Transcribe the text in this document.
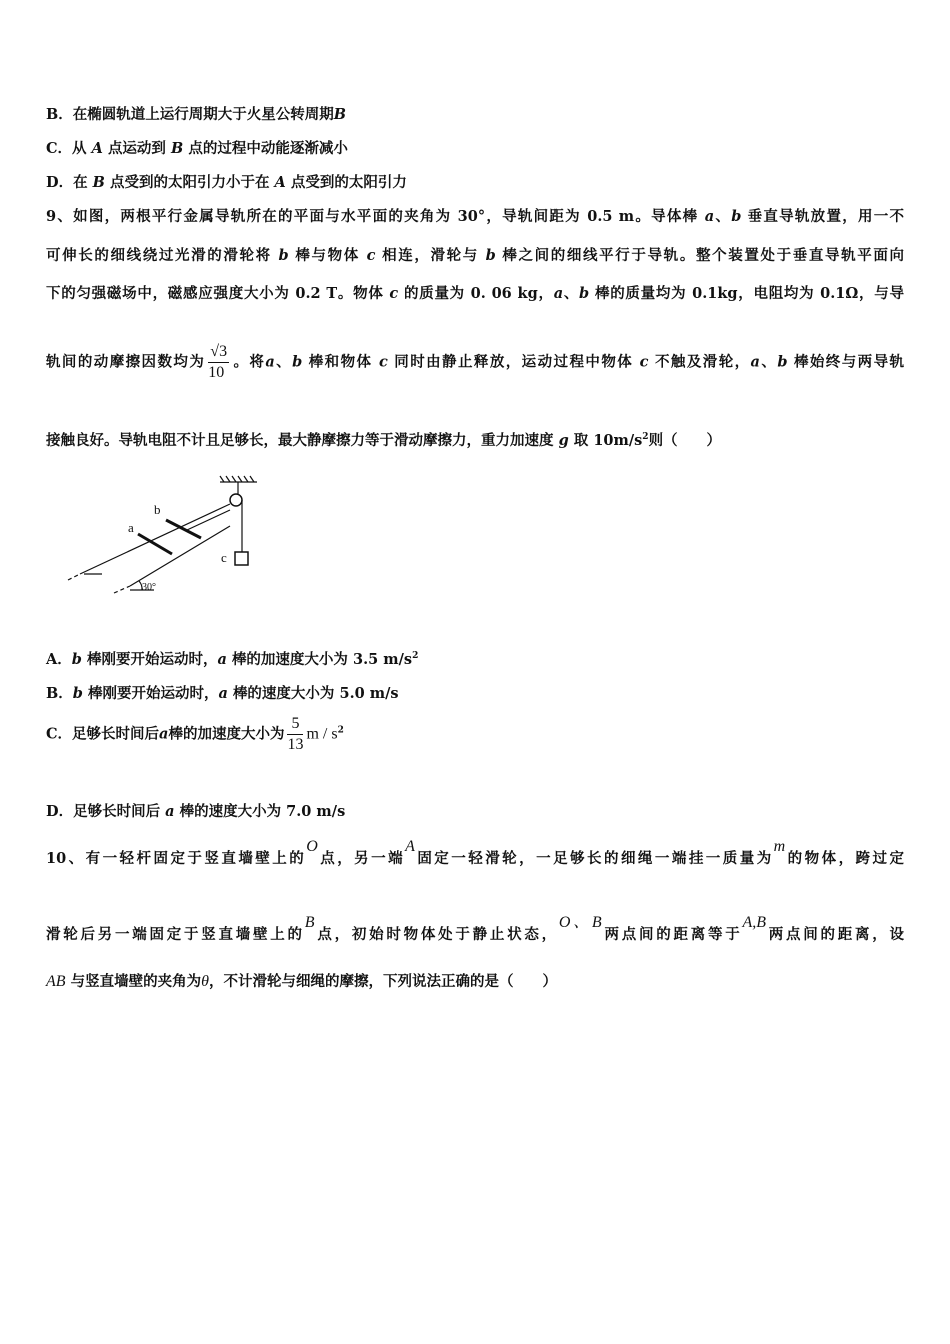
B．在椭圆轨道上运行周期大于火星公转周期B
C．从 A 点运动到 B 点的过程中动能逐渐减小
D．在 B 点受到的太阳引力小于在 A 点受到的太阳引力
9、如图，两根平行金属导轨所在的平面与水平面的夹角为 30°，导轨间距为 0.5 m。导体棒 a、b 垂直导轨放置，用一不
可伸长的细线绕过光滑的滑轮将 b 棒与物体 c 相连，滑轮与 b 棒之间的细线平行于导轨。整个装置处于垂直导轨平面向
下的匀强磁场中，磁感应强度大小为 0.2 T。物体 c 的质量为 0. 06 kg，a、b 棒的质量均为 0.1kg，电阻均为 0.1Ω，与导
轨间的动摩擦因数均为 $\frac{√3}{10}$ 。将a、b 棒和物体 c 同时由静止释放，运动过程中物体 c 不触及滑轮，a、b 棒始终与两导轨
接触良好。导轨电阻不计且足够长，最大静摩擦力等于滑动摩擦力，重力加速度 g 取 $10m/s^2$则（　　）
a
b
c
30°
A．b 棒刚要开始运动时，a 棒的加速度大小为 3.5 $m/s^2$
B．b 棒刚要开始运动时，a 棒的速度大小为 5.0 m/s
C．足够长时间后a棒的加速度大小为 $\frac{5}{13}$ m / $s^2$
D．足够长时间后 a 棒的速度大小为 7.0 m/s
10、有一轻杆固定于竖直墙壁上的O点，另一端A固定一轻滑轮，一足够长的细绳一端挂一质量为m的物体，跨过定
滑轮后另一端固定于竖直墙壁上的B点，初始时物体处于静止状态，O、B两点间的距离等于A,B两点间的距离，设
AB 与竖直墙壁的夹角为θ，不计滑轮与细绳的摩擦，下列说法正确的是（　　）
